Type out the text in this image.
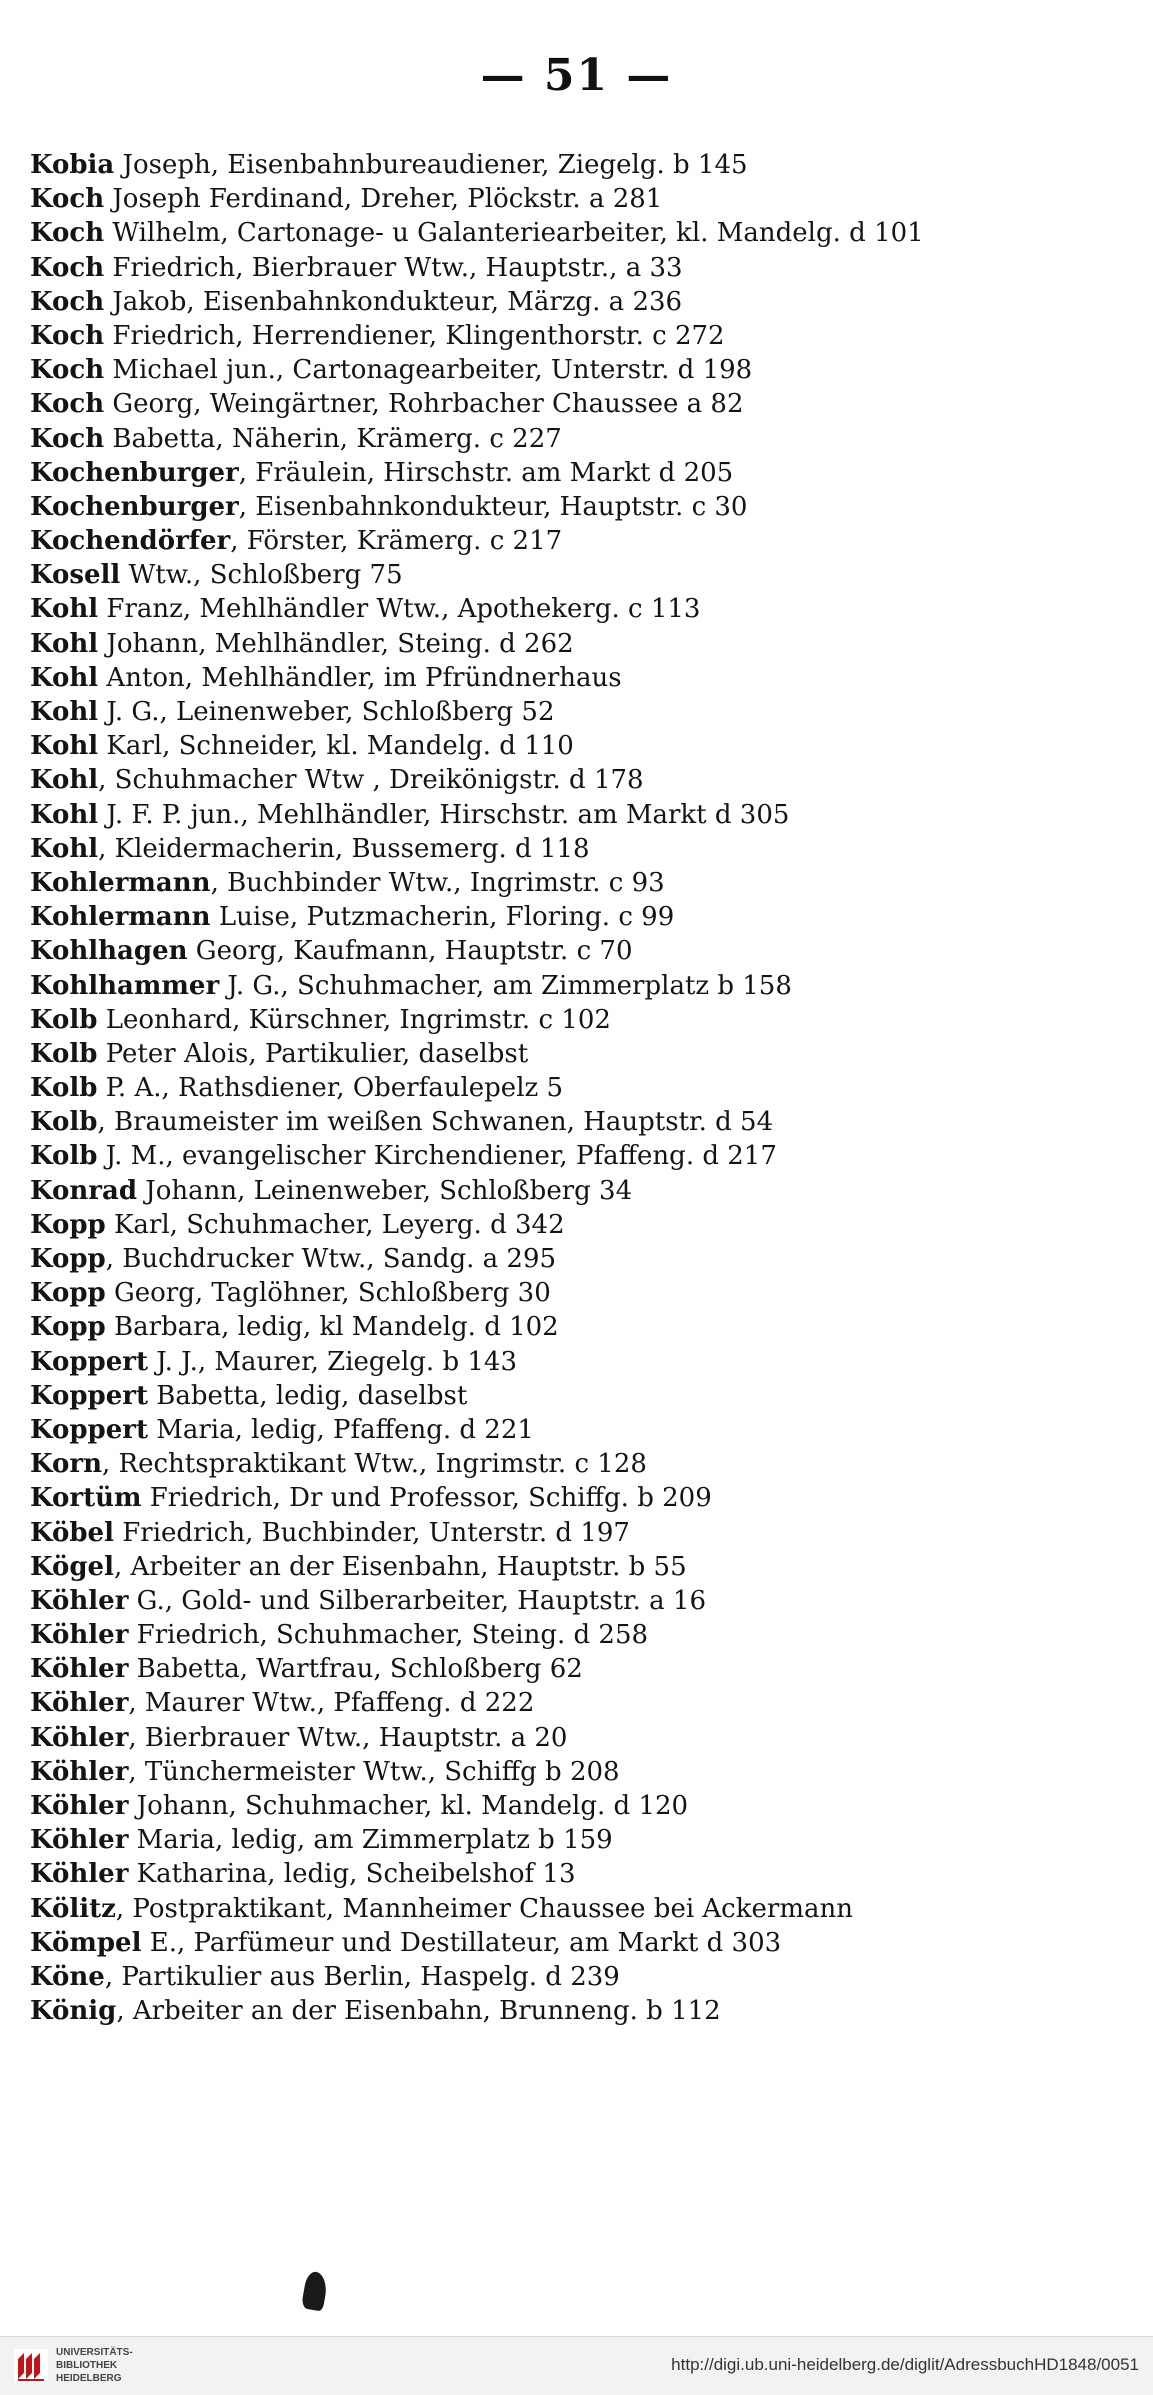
— 51 —
Kobia Joseph, Eisenbahnbureaudiener, Ziegelg. b 145
Koch Joseph Ferdinand, Dreher, Plöckstr. a 281
Koch Wilhelm, Cartonage- u Galanteriearbeiter, kl. Mandelg. d 101
Koch Friedrich, Bierbrauer Wtw., Hauptstr., a 33
Koch Jakob, Eisenbahnkondukteur, Märzg. a 236
Koch Friedrich, Herrendiener, Klingenthorstr. c 272
Koch Michael jun., Cartonagearbeiter, Unterstr. d 198
Koch Georg, Weingärtner, Rohrbacher Chaussee a 82
Koch Babetta, Näherin, Krämerg. c 227
Kochenburger, Fräulein, Hirschstr. am Markt d 205
Kochenburger, Eisenbahnkondukteur, Hauptstr. c 30
Kochendörfer, Förster, Krämerg. c 217
Kosell Wtw., Schloßberg 75
Kohl Franz, Mehlhändler Wtw., Apothekerg. c 113
Kohl Johann, Mehlhändler, Steing. d 262
Kohl Anton, Mehlhändler, im Pfründnerhaus
Kohl J. G., Leinenweber, Schloßberg 52
Kohl Karl, Schneider, kl. Mandelg. d 110
Kohl, Schuhmacher Wtw , Dreikönigstr. d 178
Kohl J. F. P. jun., Mehlhändler, Hirschstr. am Markt d 305
Kohl, Kleidermacherin, Bussemerg. d 118
Kohlermann, Buchbinder Wtw., Ingrimstr. c 93
Kohlermann Luise, Putzmacherin, Floring. c 99
Kohlhagen Georg, Kaufmann, Hauptstr. c 70
Kohlhammer J. G., Schuhmacher, am Zimmerplatz b 158
Kolb Leonhard, Kürschner, Ingrimstr. c 102
Kolb Peter Alois, Partikulier, daselbst
Kolb P. A., Rathsdiener, Oberfaulepelz 5
Kolb, Braumeister im weißen Schwanen, Hauptstr. d 54
Kolb J. M., evangelischer Kirchendiener, Pfaffeng. d 217
Konrad Johann, Leinenweber, Schloßberg 34
Kopp Karl, Schuhmacher, Leyerg. d 342
Kopp, Buchdrucker Wtw., Sandg. a 295
Kopp Georg, Taglöhner, Schloßberg 30
Kopp Barbara, ledig, kl Mandelg. d 102
Koppert J. J., Maurer, Ziegelg. b 143
Koppert Babetta, ledig, daselbst
Koppert Maria, ledig, Pfaffeng. d 221
Korn, Rechtspraktikant Wtw., Ingrimstr. c 128
Kortüm Friedrich, Dr und Professor, Schiffg. b 209
Köbel Friedrich, Buchbinder, Unterstr. d 197
Kögel, Arbeiter an der Eisenbahn, Hauptstr. b 55
Köhler G., Gold- und Silberarbeiter, Hauptstr. a 16
Köhler Friedrich, Schuhmacher, Steing. d 258
Köhler Babetta, Wartfrau, Schloßberg 62
Köhler, Maurer Wtw., Pfaffeng. d 222
Köhler, Bierbrauer Wtw., Hauptstr. a 20
Köhler, Tünchermeister Wtw., Schiffg b 208
Köhler Johann, Schuhmacher, kl. Mandelg. d 120
Köhler Maria, ledig, am Zimmerplatz b 159
Köhler Katharina, ledig, Scheibelshof 13
Kölitz, Postpraktikant, Mannheimer Chaussee bei Ackermann
Kömpel E., Parfümeur und Destillateur, am Markt d 303
Köne, Partikulier aus Berlin, Haspelg. d 239
König, Arbeiter an der Eisenbahn, Brunneng. b 112
UNIVERSITÄTS-
BIBLIOTHEK
HEIDELBERG
http://digi.ub.uni-heidelberg.de/diglit/AdressbuchHD1848/0051
